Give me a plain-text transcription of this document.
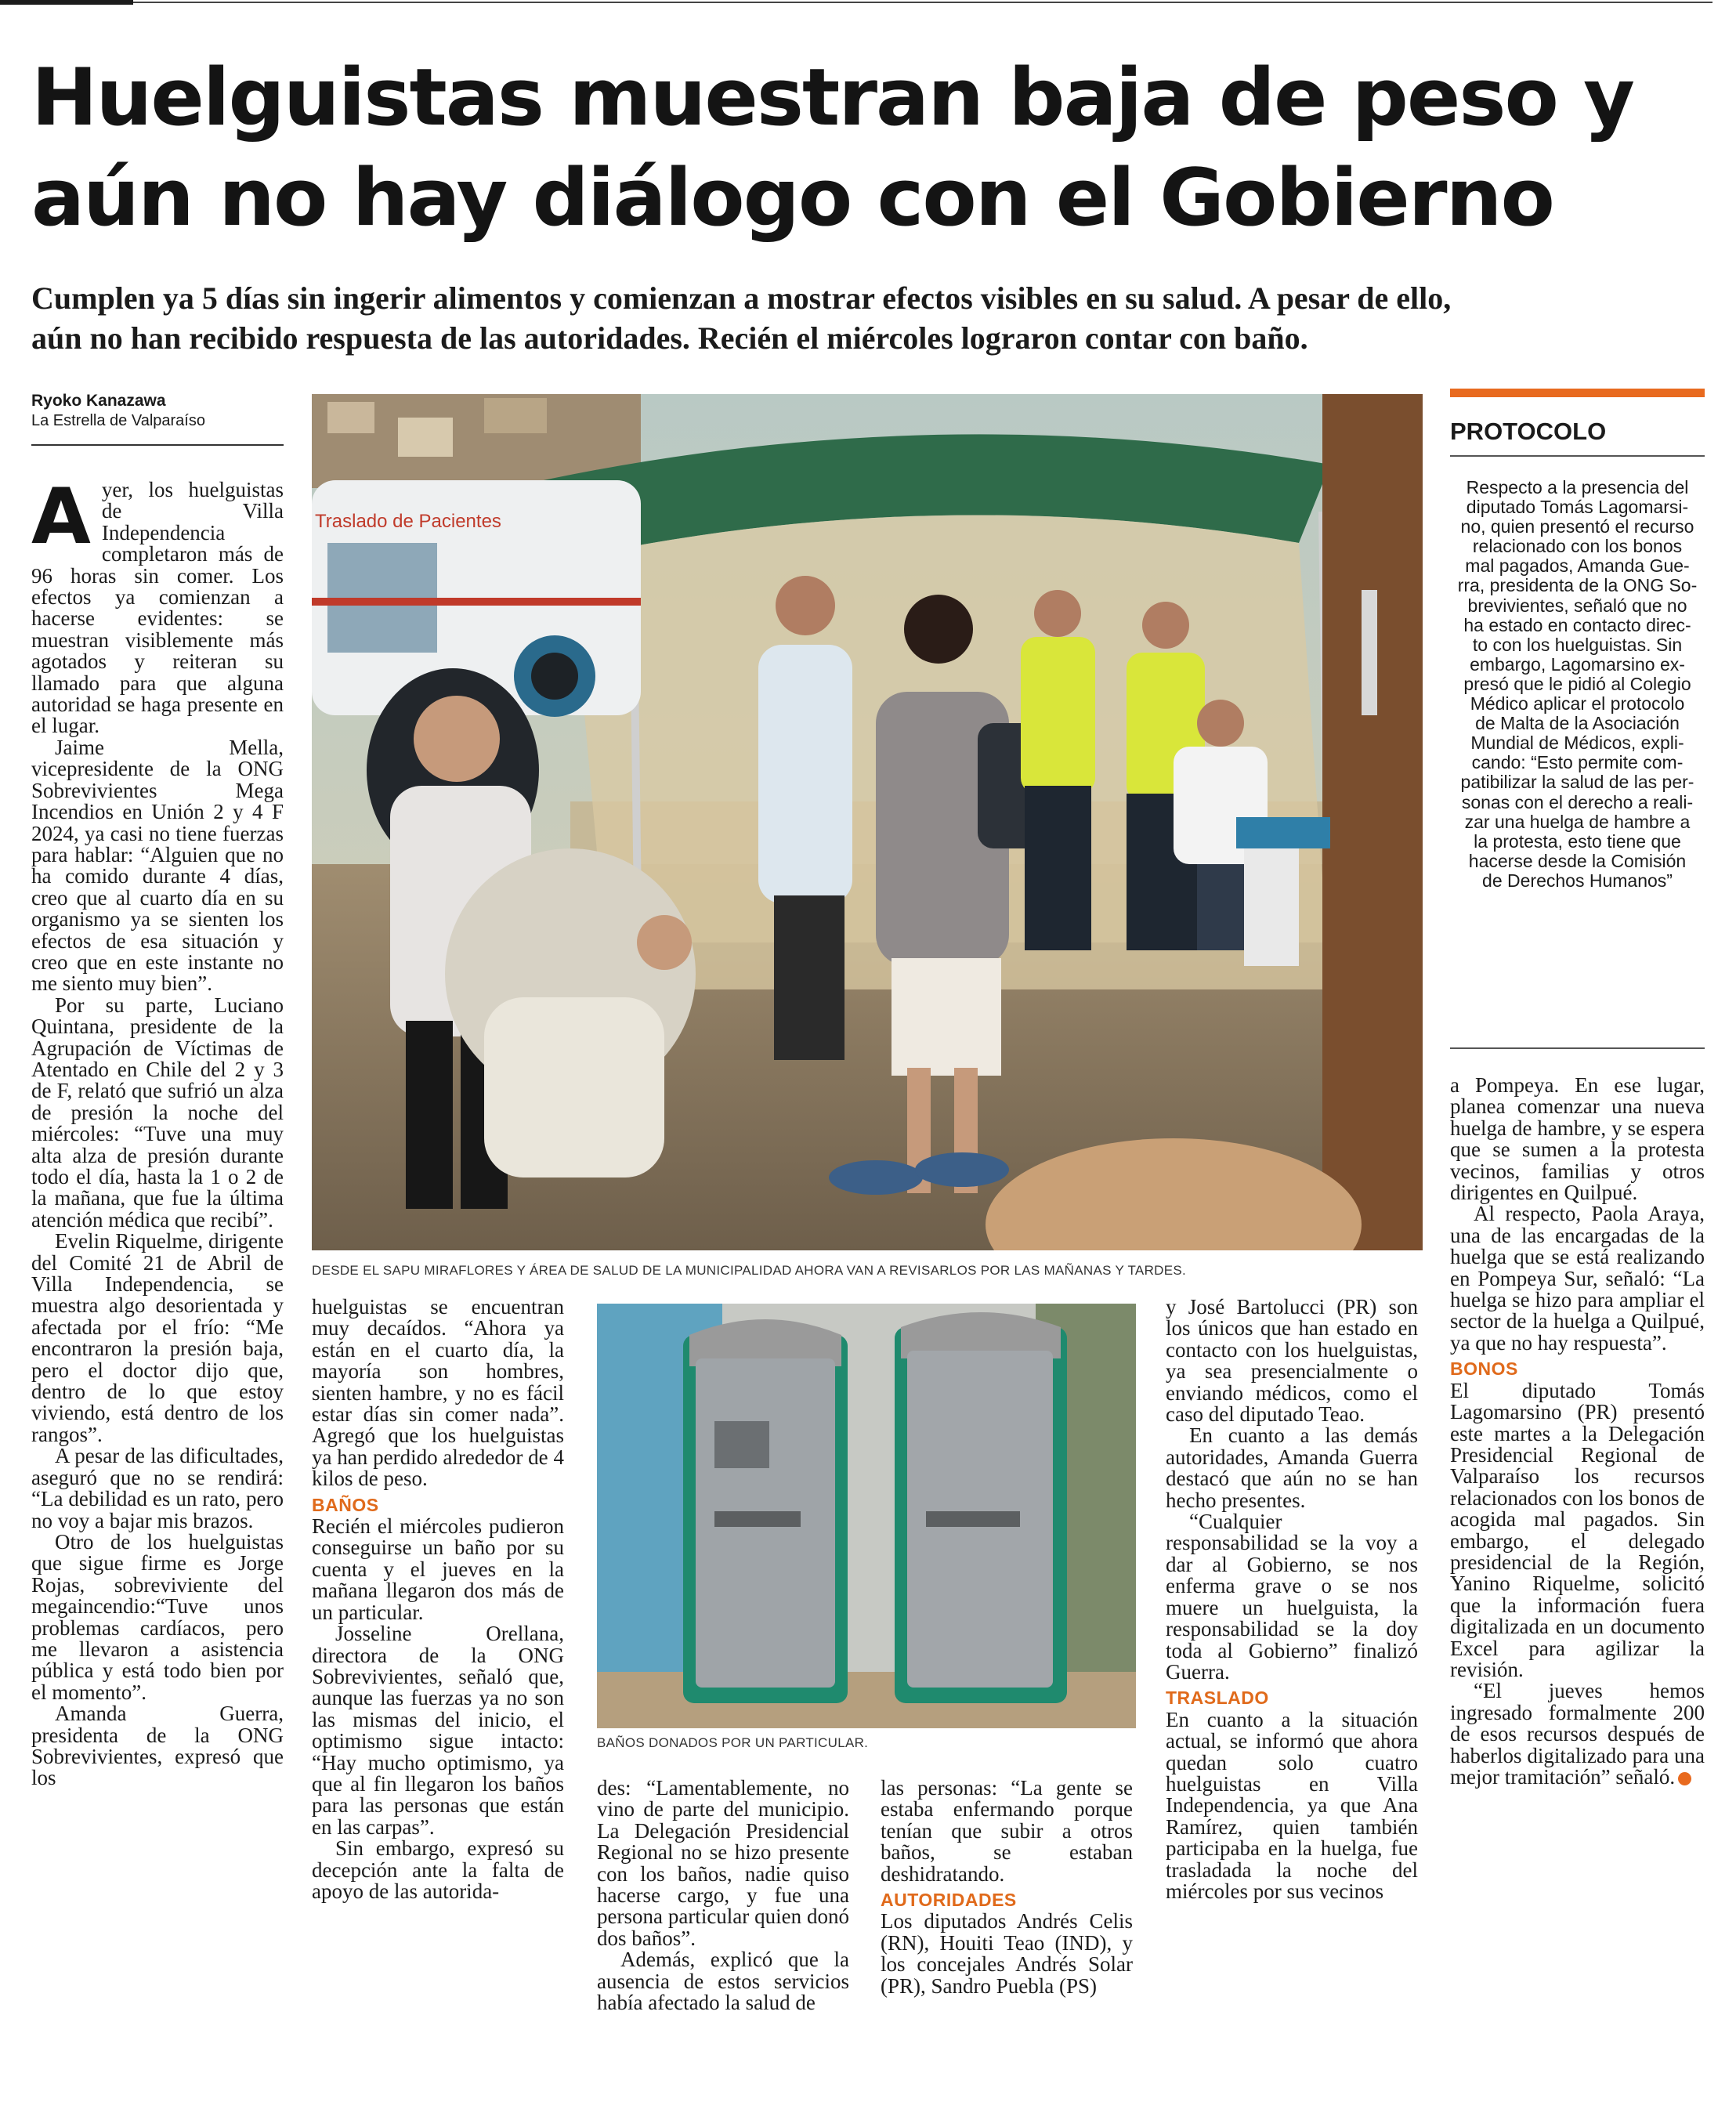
Huelguistas muestran baja de peso y
aún no hay diálogo con el Gobierno
Cumplen ya 5 días sin ingerir alimentos y comienzan a mostrar efectos visibles en su salud. A pesar de ello,
aún no han recibido respuesta de las autoridades. Recién el miércoles lograron contar con baño.
Ryoko Kanazawa
La Estrella de Valparaíso

Ayer, los huelguistas de Villa Independencia completaron más de 96 horas sin comer. Los efectos ya comienzan a hacerse evidentes: se muestran visiblemente más agotados y reiteran su llamado para que alguna autoridad se haga presente en el lugar.

Jaime Mella, vicepresidente de la ONG Sobrevivientes Mega Incendios en Unión 2 y 4 F 2024, ya casi no tiene fuerzas para hablar: “Alguien que no ha comido durante 4 días, creo que al cuarto día en su organismo ya se sienten los efectos de esa situación y creo que en este instante no me siento muy bien”.

Por su parte, Luciano Quintana, presidente de la Agrupación de Víctimas de Atentado en Chile del 2 y 3 de F, relató que sufrió un alza de presión la noche del miércoles: “Tuve una muy alta alza de presión durante todo el día, hasta la 1 o 2 de la mañana, que fue la última atención médica que recibí”.

Evelin Riquelme, dirigente del Comité 21 de Abril de Villa Independencia, se muestra algo desorientada y afectada por el frío: “Me encontraron la presión baja, pero el doctor dijo que, dentro de lo que estoy viviendo, está dentro de los rangos”.

A pesar de las dificultades, aseguró que no se rendirá: “La debilidad es un rato, pero no voy a bajar mis brazos.

Otro de los huelguistas que sigue firme es Jorge Rojas, sobreviviente del megaincendio:“Tuve unos problemas cardíacos, pero me llevaron a asistencia pública y está todo bien por el momento”.

Amanda Guerra, presidenta de la ONG Sobrevivientes, expresó que los

Traslado de Pacientes
DESDE EL SAPU MIRAFLORES Y ÁREA DE SALUD DE LA MUNICIPALIDAD AHORA VAN A REVISARLOS POR LAS MAÑANAS Y TARDES.

huelguistas se encuentran muy decaídos. “Ahora ya están en el cuarto día, la mayoría son hombres, sienten hambre, y no es fácil estar días sin comer nada”. Agregó que los huelguistas ya han perdido alrededor de 4 kilos de peso.

BAÑOS

Recién el miércoles pudieron conseguirse un baño por su cuenta y el jueves en la mañana llegaron dos más de un particular.

Josseline Orellana, directora de la ONG Sobrevivientes, señaló que, aunque las fuerzas ya no son las mismas del inicio, el optimismo sigue intacto: “Hay mucho optimismo, ya que al fin llegaron los baños para las personas que están en las carpas”.

Sin embargo, expresó su decepción ante la falta de apoyo de las autorida-

BAÑOS DONADOS POR UN PARTICULAR.

des: “Lamentablemente, no vino de parte del municipio. La Delegación Presidencial Regional no se hizo presente con los baños, nadie quiso hacerse cargo, y fue una persona particular quien donó dos baños”.

Además, explicó que la ausencia de estos servicios había afectado la salud de

las personas: “La gente se estaba enfermando porque tenían que subir a otros baños, se estaban deshidratando.

AUTORIDADES

Los diputados Andrés Celis (RN), Houiti Teao (IND), y los concejales Andrés Solar (PR), Sandro Puebla (PS)

y José Bartolucci (PR) son los únicos que han estado en contacto con los huelguistas, ya sea presencialmente o enviando médicos, como el caso del diputado Teao.

En cuanto a las demás autoridades, Amanda Guerra destacó que aún no se han hecho presentes.

“Cualquier responsabilidad se la voy a dar al Gobierno, se nos enferma grave o se nos muere un huelguista, la responsabilidad se la doy toda al Gobierno” finalizó Guerra.

TRASLADO

En cuanto a la situación actual, se informó que ahora quedan solo cuatro huelguistas en Villa Independencia, ya que Ana Ramírez, quien también participaba en la huelga, fue trasladada la noche del miércoles por sus vecinos

PROTOCOLO
Respecto a la presencia del
diputado Tomás Lagomarsi-
no, quien presentó el recurso
relacionado con los bonos
mal pagados, Amanda Gue-
rra, presidenta de la ONG So-
brevivientes, señaló que no
ha estado en contacto direc-
to con los huelguistas. Sin
embargo, Lagomarsino ex-
presó que le pidió al Colegio
Médico aplicar el protocolo
de Malta de la Asociación
Mundial de Médicos, expli-
cando: “Esto permite com-
patibilizar la salud de las per-
sonas con el derecho a reali-
zar una huelga de hambre a
la protesta, esto tiene que
hacerse desde la Comisión
de Derechos Humanos”

a Pompeya. En ese lugar, planea comenzar una nueva huelga de hambre, y se espera que se sumen a la protesta vecinos, familias y otros dirigentes en Quilpué.

Al respecto, Paola Araya, una de las encargadas de la huelga que se está realizando en Pompeya Sur, señaló: “La huelga se hizo para ampliar el sector de la huelga a Quilpué, ya que no hay respuesta”.

BONOS

El diputado Tomás Lagomarsino (PR) presentó este martes a la Delegación Presidencial Regional de Valparaíso los recursos relacionados con los bonos de acogida mal pagados. Sin embargo, el delegado presidencial de la Región, Yanino Riquelme, solicitó que la información fuera digitalizada en un documento Excel para agilizar la revisión.

“El jueves hemos ingresado formalmente 200 de esos recursos después de haberlos digitalizado para una mejor tramitación” señaló.
